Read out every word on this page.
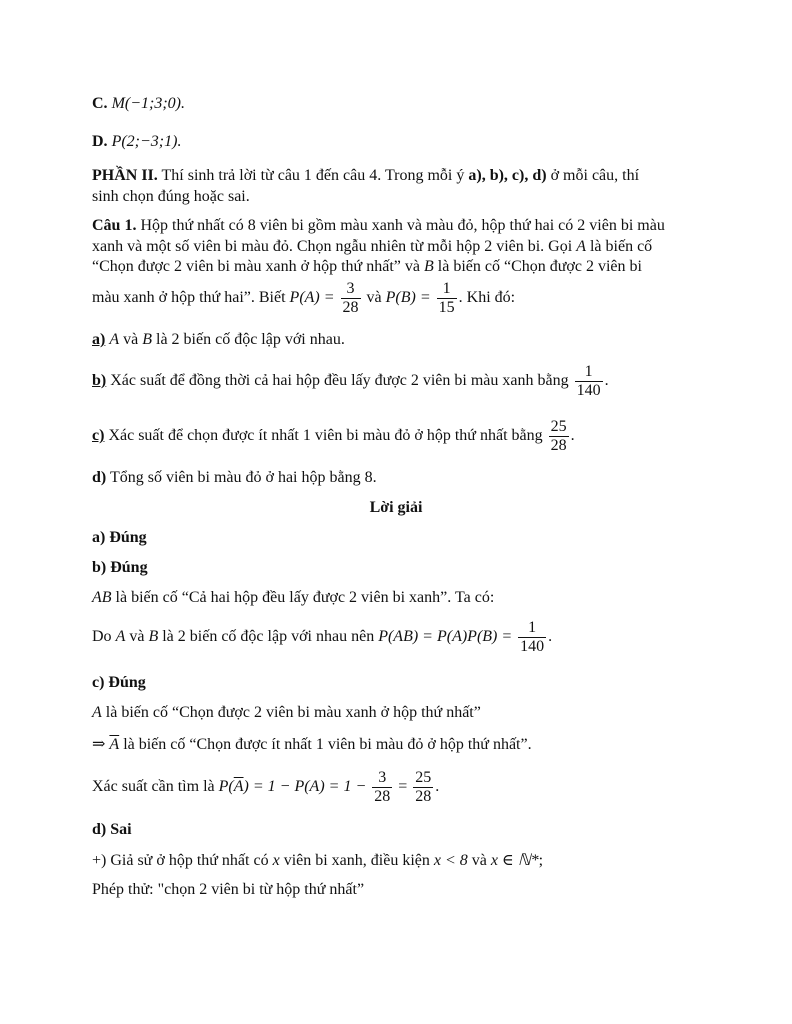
C. M(−1;3;0).
D. P(2;−3;1).
PHẦN II. Thí sinh trả lời từ câu 1 đến câu 4. Trong mỗi ý a), b), c), d) ở mỗi câu, thí
sinh chọn đúng hoặc sai.
Câu 1. Hộp thứ nhất có 8 viên bi gồm màu xanh và màu đỏ, hộp thứ hai có 2 viên bi màu
xanh và một số viên bi màu đỏ. Chọn ngẫu nhiên từ mỗi hộp 2 viên bi. Gọi A là biến cố
“Chọn được 2 viên bi màu xanh ở hộp thứ nhất” và B là biến cố “Chọn được 2 viên bi
màu xanh ở hộp thứ hai”. Biết $P(A) = \frac{3}{28}$ và $P(B) = \frac{1}{15}$ . Khi đó:
a) A và B là 2 biến cố độc lập với nhau.
b) Xác suất để đồng thời cả hai hộp đều lấy được 2 viên bi màu xanh bằng $\frac{1}{140}$ .
c) Xác suất để chọn được ít nhất 1 viên bi màu đỏ ở hộp thứ nhất bằng $\frac{25}{28}$ .
d) Tổng số viên bi màu đỏ ở hai hộp bằng 8.
Lời giải
a) Đúng
b) Đúng
AB là biến cố “Cả hai hộp đều lấy được 2 viên bi xanh”. Ta có:
Do A và B là 2 biến cố độc lập với nhau nên $P(AB) = P(A)P(B) = \frac{1}{140}$ .
c) Đúng
A là biến cố “Chọn được 2 viên bi màu xanh ở hộp thứ nhất”
⇒ $\overline{A}$ là biến cố “Chọn được ít nhất 1 viên bi màu đỏ ở hộp thứ nhất”.
Xác suất cần tìm là $P(\overline{A}) = 1 - P(A) = 1 - \frac{3}{28} = \frac{25}{28}$ .
d) Sai
+) Giả sử ở hộp thứ nhất có x viên bi xanh, điều kiện x < 8 và x ∈ ℕ*;
Phép thử: "chọn 2 viên bi từ hộp thứ nhất”
